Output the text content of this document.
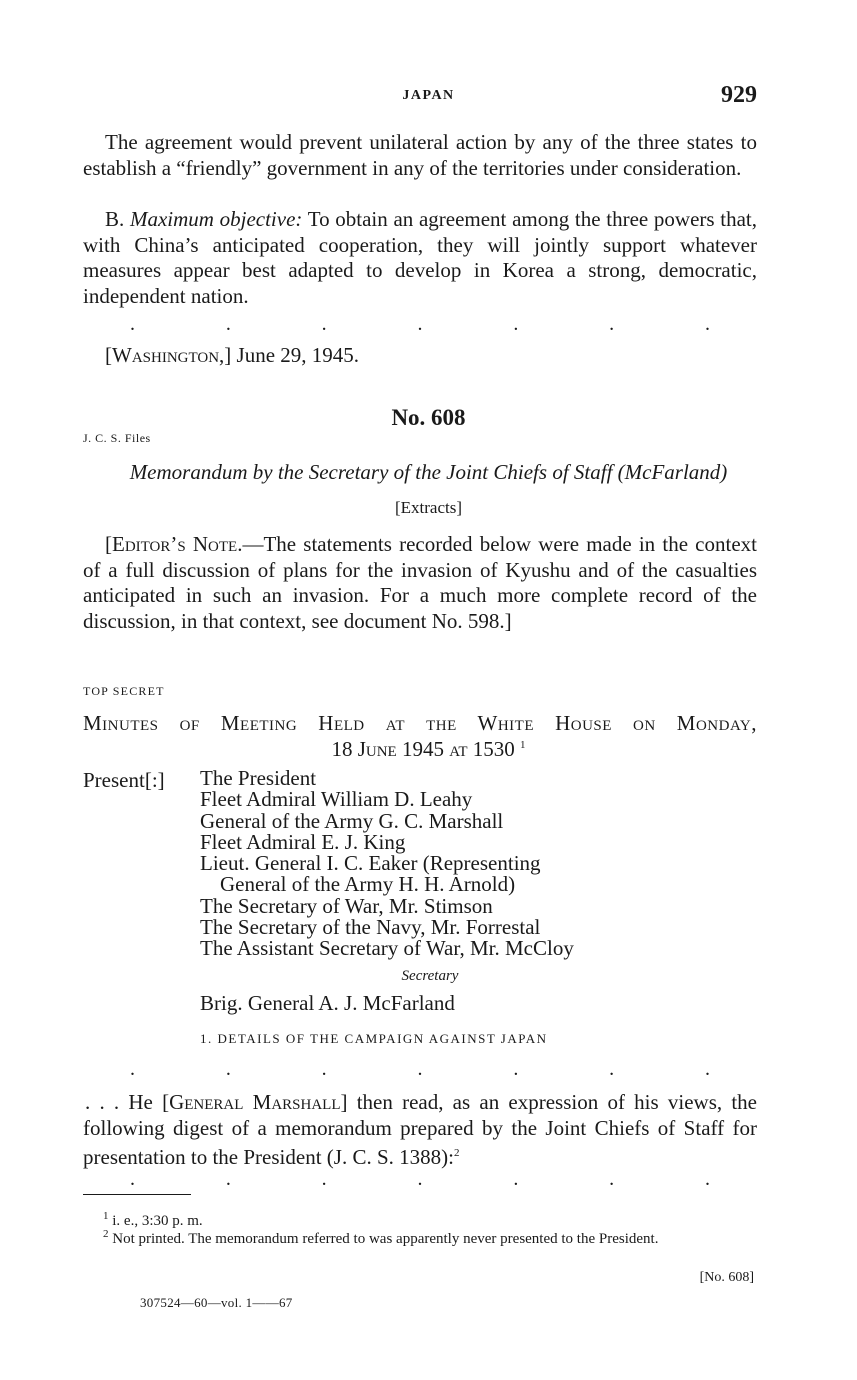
JAPAN	929

The agreement would prevent unilateral action by any of the three states to establish a “friendly” government in any of the territories under consideration.

B. Maximum objective: To obtain an agreement among the three powers that, with China’s anticipated cooperation, they will jointly support whatever measures appear best adapted to develop in Korea a strong, democratic, independent nation.

.	.	.	.	.	.	.
[Washington,] June 29, 1945.
No. 608
J. C. S. Files
Memorandum by the Secretary of the Joint Chiefs of Staff (McFarland)
[Extracts]

[Editor’s Note.—The statements recorded below were made in the context of a full discussion of plans for the invasion of Kyushu and of the casualties anticipated in such an invasion. For a much more complete record of the discussion, in that context, see document No. 598.]

TOP SECRET
Minutes of Meeting Held at the White House on Monday,
18 June 1945 at 1530 $^1$
Present[:] The President
Fleet Admiral William D. Leahy
General of the Army G. C. Marshall
Fleet Admiral E. J. King
Lieut. General I. C. Eaker (Representing
General of the Army H. H. Arnold)
The Secretary of War, Mr. Stimson
The Secretary of the Navy, Mr. Forrestal
The Assistant Secretary of War, Mr. McCloy
Secretary
Brig. General A. J. McFarland
1. DETAILS OF THE CAMPAIGN AGAINST JAPAN
.	.	.	.	.	.	.

. . . He [General Marshall] then read, as an expression of his views, the following digest of a memorandum prepared by the Joint Chiefs of Staff for presentation to the President (J. C. S. 1388):$^2$

.	.	.	.	.	.	.
$^1$ i. e., 3:30 p. m.
$^2$ Not printed. The memorandum referred to was apparently never presented to the President.
[No. 608]
307524—60—vol. 1——67
